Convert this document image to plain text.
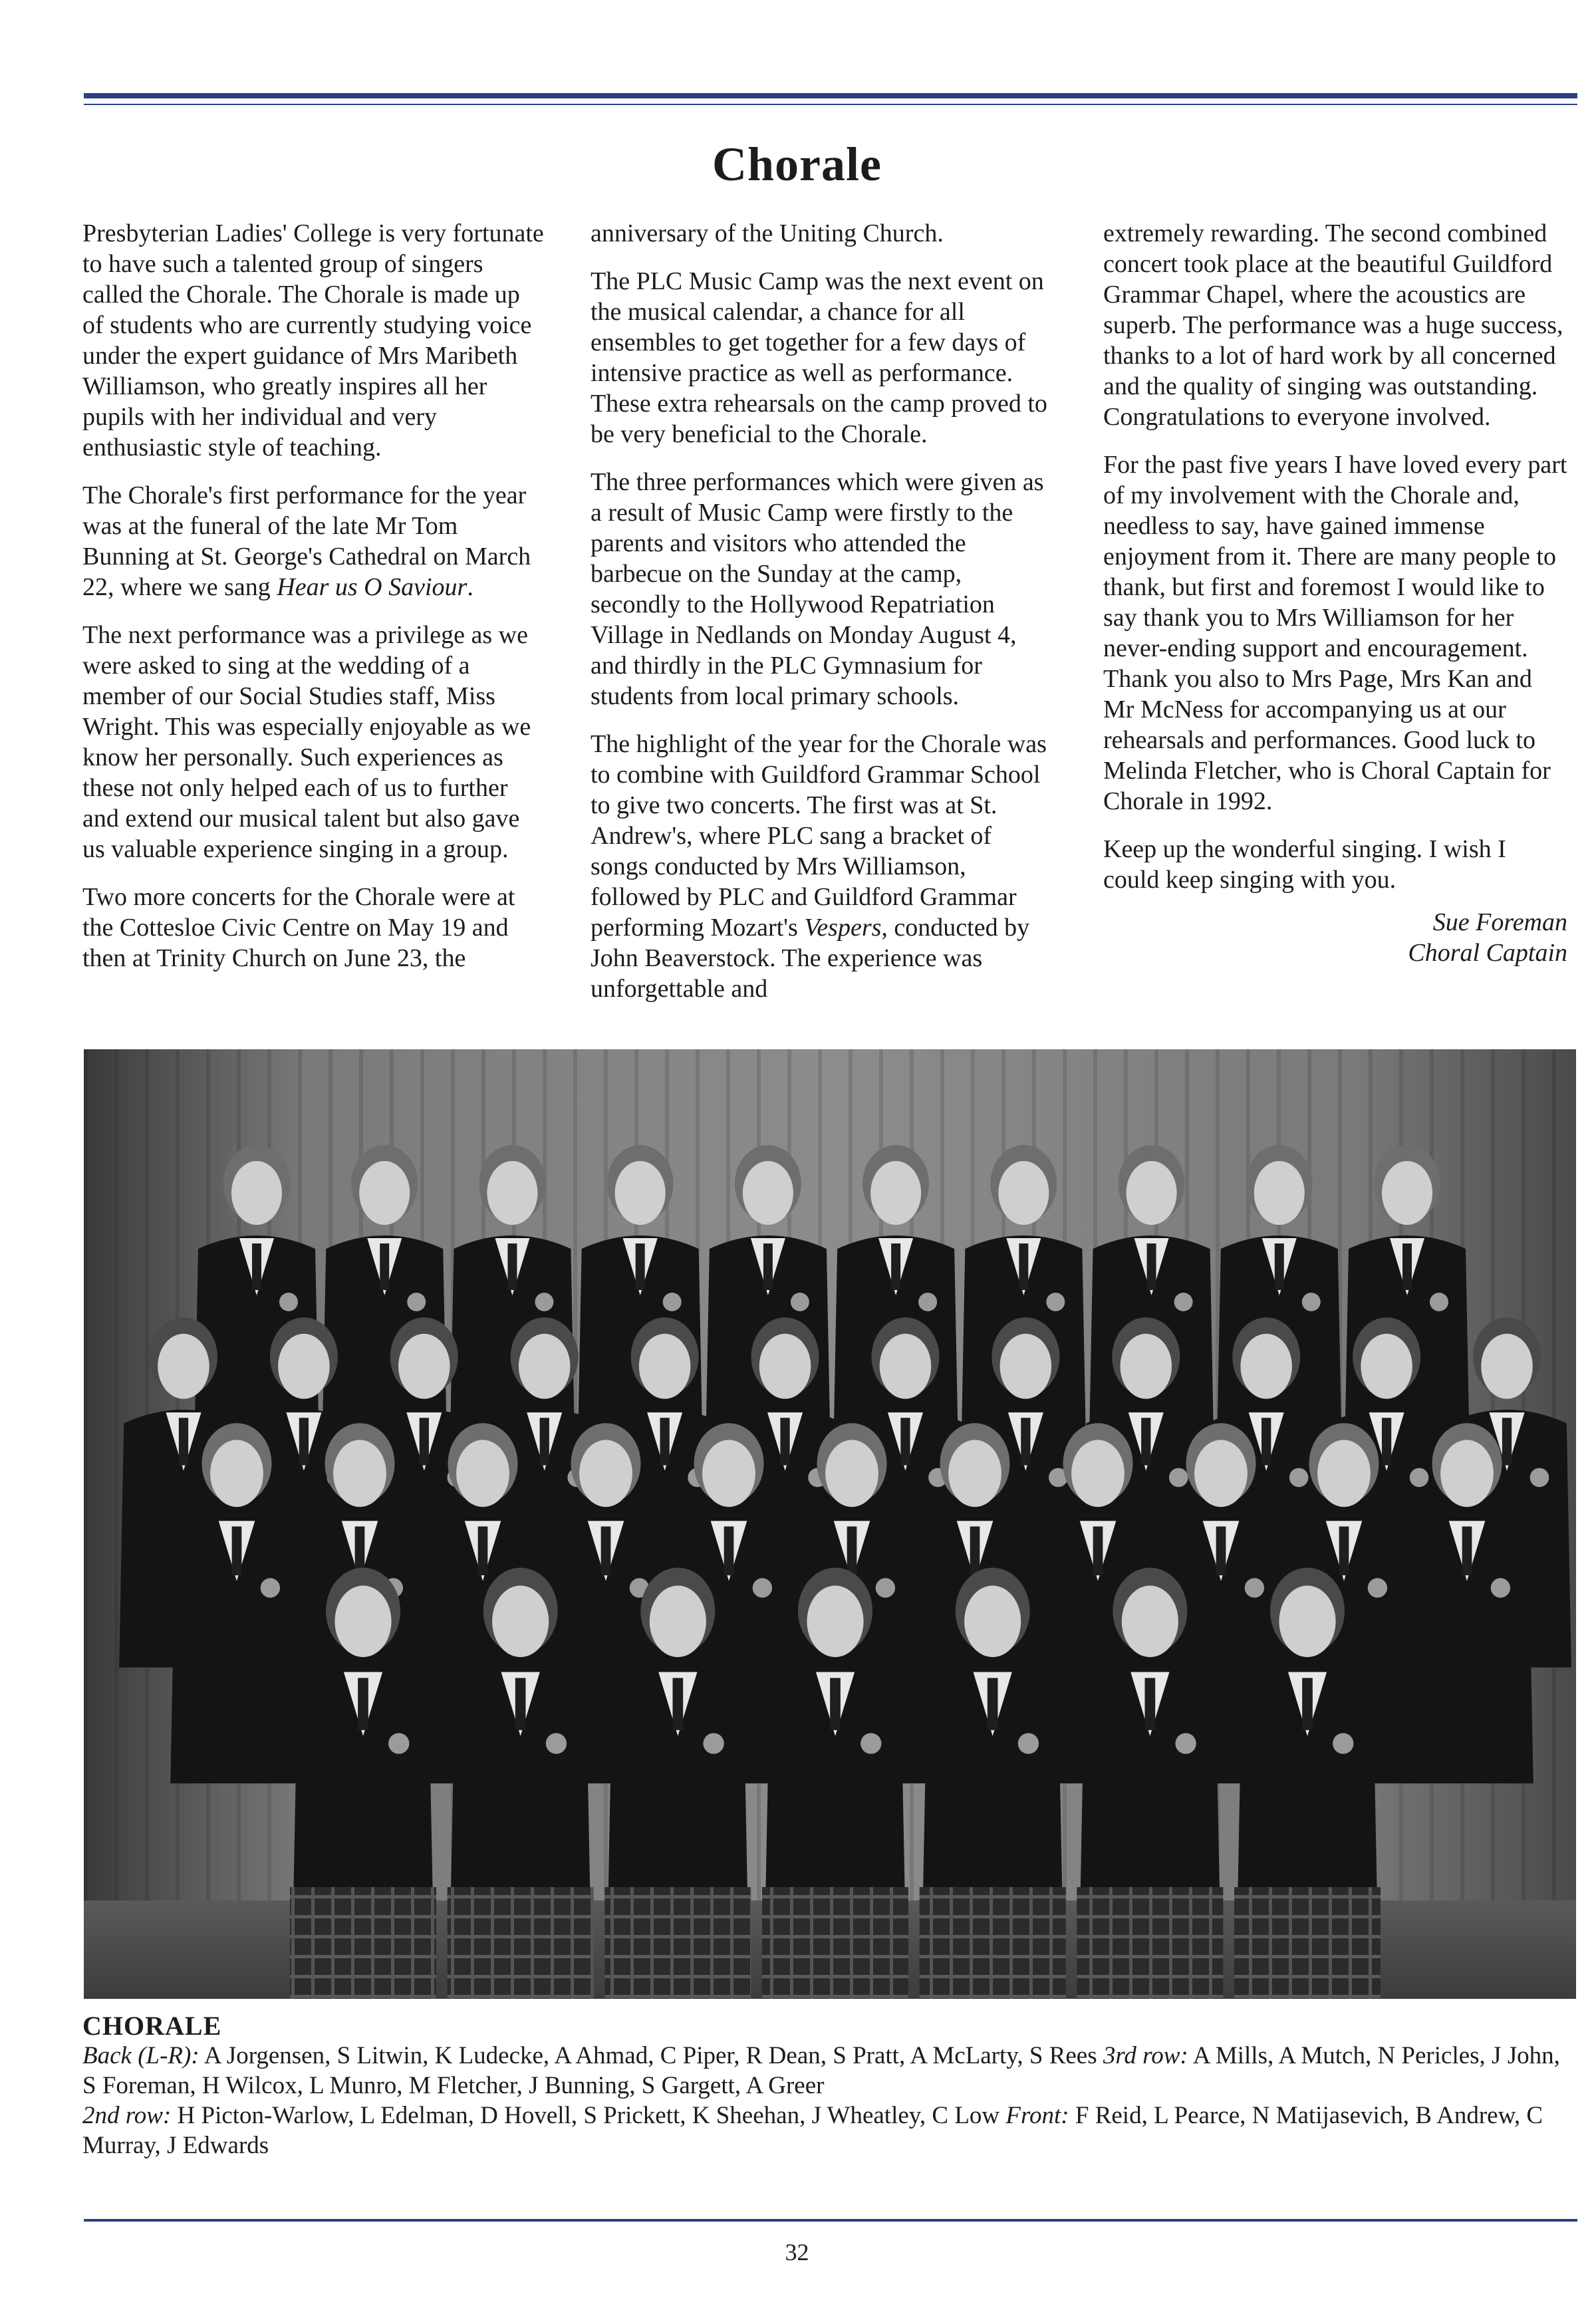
Chorale

Presbyterian Ladies' College is very fortunate to have such a talented group of singers called the Chorale. The Chorale is made up of students who are currently studying voice under the expert guidance of Mrs Maribeth Williamson, who greatly inspires all her pupils with her individual and very enthusiastic style of teaching.

The Chorale's first performance for the year was at the funeral of the late Mr Tom Bunning at St. George's Cathedral on March 22, where we sang Hear us O Saviour.

The next performance was a privilege as we were asked to sing at the wedding of a member of our Social Studies staff, Miss Wright. This was especially enjoyable as we know her personally. Such experiences as these not only helped each of us to further and extend our musical talent but also gave us valuable experience singing in a group.

Two more concerts for the Chorale were at the Cottesloe Civic Centre on May 19 and then at Trinity Church on June 23, the

anniversary of the Uniting Church.

The PLC Music Camp was the next event on the musical calendar, a chance for all ensembles to get together for a few days of intensive practice as well as performance. These extra rehearsals on the camp proved to be very beneficial to the Chorale.

The three performances which were given as a result of Music Camp were firstly to the parents and visitors who attended the barbecue on the Sunday at the camp, secondly to the Hollywood Repatriation Village in Nedlands on Monday August 4, and thirdly in the PLC Gymnasium for students from local primary schools.

The highlight of the year for the Chorale was to combine with Guildford Grammar School to give two concerts. The first was at St. Andrew's, where PLC sang a bracket of songs conducted by Mrs Williamson, followed by PLC and Guildford Grammar performing Mozart's Vespers, conducted by John Beaverstock. The experience was unforgettable and

extremely rewarding. The second combined concert took place at the beautiful Guildford Grammar Chapel, where the acoustics are superb. The performance was a huge success, thanks to a lot of hard work by all concerned and the quality of singing was outstanding. Congratulations to everyone involved.

For the past five years I have loved every part of my involvement with the Chorale and, needless to say, have gained immense enjoyment from it. There are many people to thank, but first and foremost I would like to say thank you to Mrs Williamson for her never-ending support and encouragement. Thank you also to Mrs Page, Mrs Kan and Mr McNess for accompanying us at our rehearsals and performances. Good luck to Melinda Fletcher, who is Choral Captain for Chorale in 1992.

Keep up the wonderful singing. I wish I could keep singing with you.

Sue Foreman
Choral Captain
CHORALE
Back (L-R): A Jorgensen, S Litwin, K Ludecke, A Ahmad, C Piper, R Dean, S Pratt, A McLarty, S Rees 3rd row: A Mills, A Mutch, N Pericles, J John, S Foreman, H Wilcox, L Munro, M Fletcher, J Bunning, S Gargett, A Greer
2nd row: H Picton-Warlow, L Edelman, D Hovell, S Prickett, K Sheehan, J Wheatley, C Low Front: F Reid, L Pearce, N Matijasevich, B Andrew, C Murray, J Edwards
32
